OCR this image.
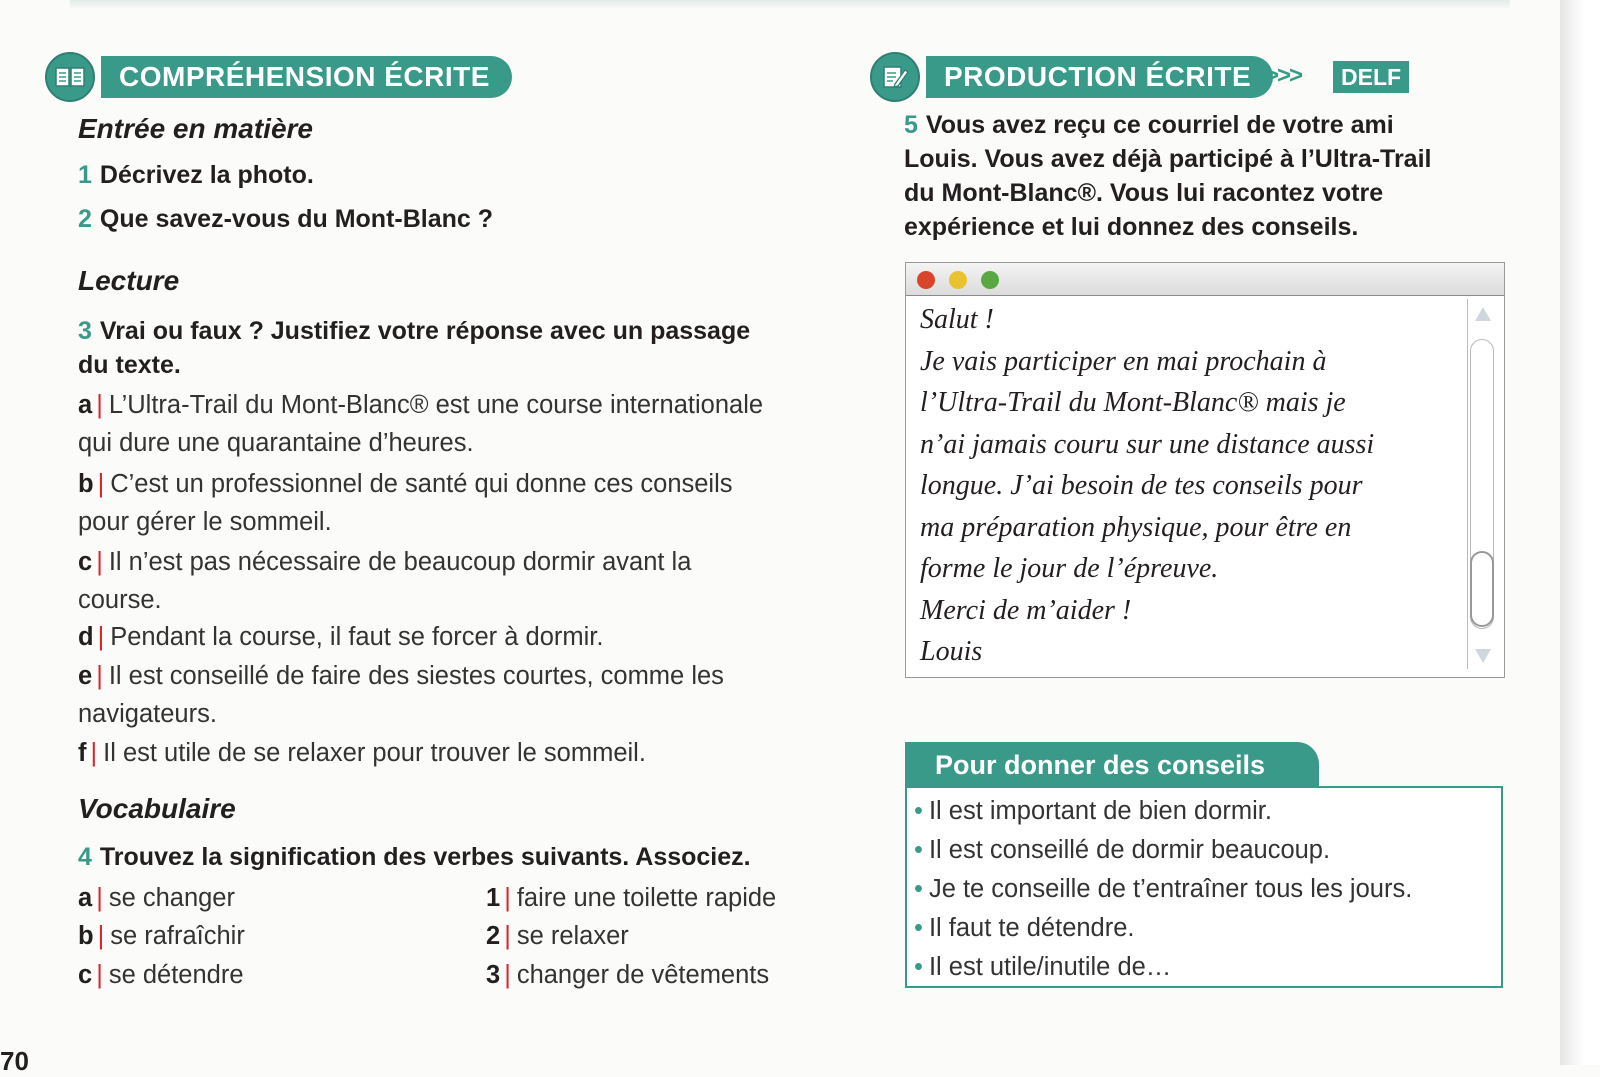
COMPRÉHENSION ÉCRITE
Entrée en matière
1 Décrivez la photo.
2 Que savez-vous du Mont-Blanc ?
Lecture
3 Vrai ou faux ? Justifiez votre réponse avec un passage
du texte.
a | L’Ultra-Trail du Mont-Blanc® est une course internationale
qui dure une quarantaine d’heures.
b | C’est un professionnel de santé qui donne ces conseils
pour gérer le sommeil.
c | Il n’est pas nécessaire de beaucoup dormir avant la
course.
d | Pendant la course, il faut se forcer à dormir.
e | Il est conseillé de faire des siestes courtes, comme les
navigateurs.
f | Il est utile de se relaxer pour trouver le sommeil.
Vocabulaire
4 Trouvez la signification des verbes suivants. Associez.
a | se changer
b | se rafraîchir
c | se détendre
1 | faire une toilette rapide
2 | se relaxer
3 | changer de vêtements
PRODUCTION ÉCRITE >>>	DELF
5 Vous avez reçu ce courriel de votre ami
Louis. Vous avez déjà participé à l’Ultra-Trail
du Mont-Blanc®. Vous lui racontez votre
expérience et lui donnez des conseils.
Salut !
Je vais participer en mai prochain à
l’Ultra-Trail du Mont-Blanc® mais je
n’ai jamais couru sur une distance aussi
longue. J’ai besoin de tes conseils pour
ma préparation physique, pour être en
forme le jour de l’épreuve.
Merci de m’aider !
Louis
Pour donner des conseils
• Il est important de bien dormir.
• Il est conseillé de dormir beaucoup.
• Je te conseille de t’entraîner tous les jours.
• Il faut te détendre.
• Il est utile/inutile de…
70
